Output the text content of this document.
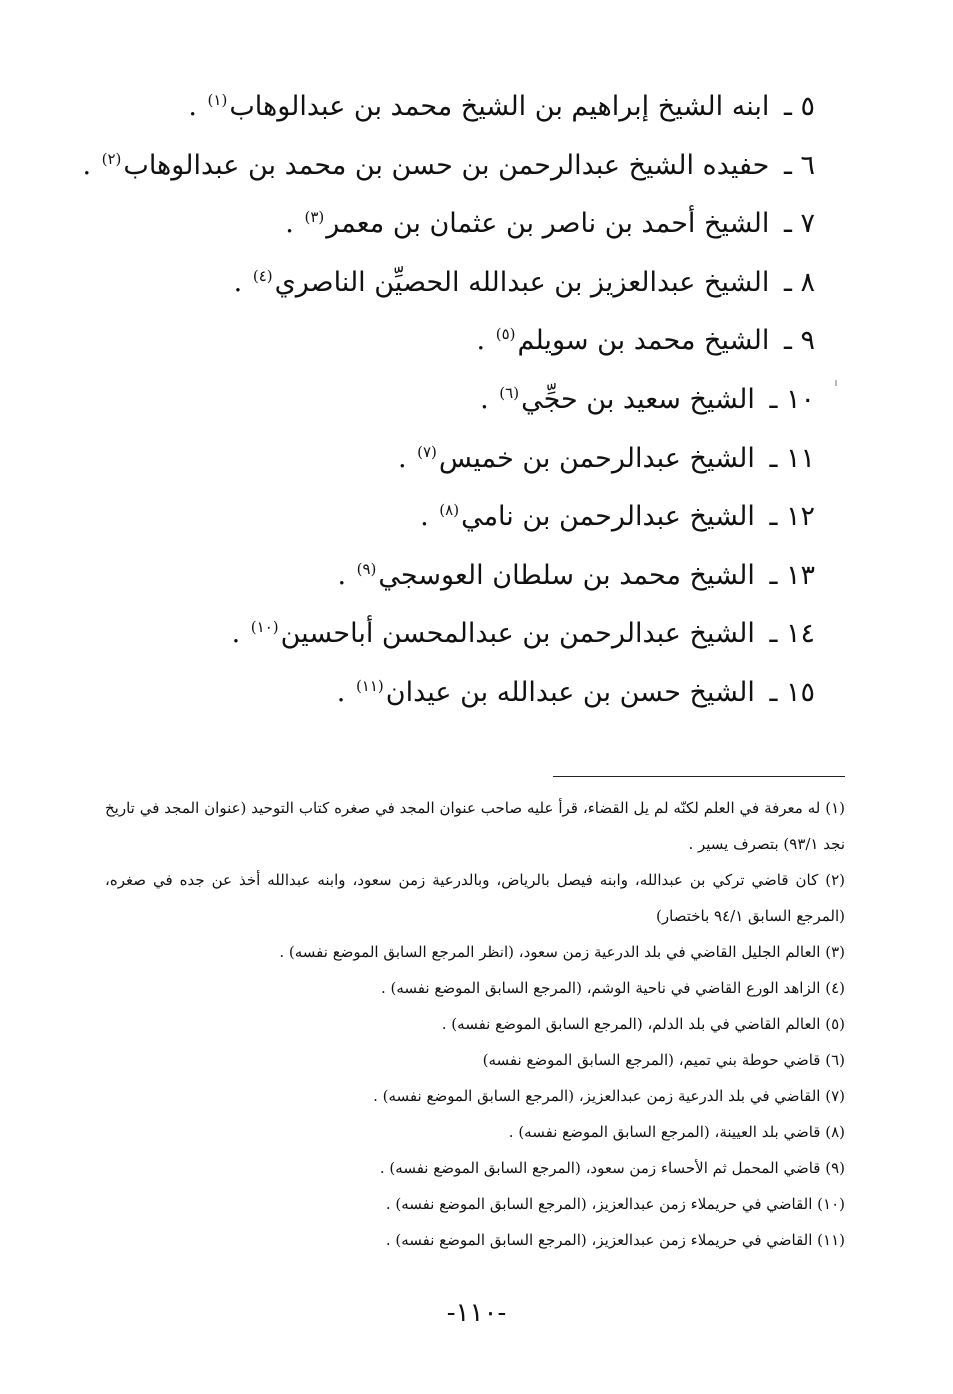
٥ ـ ابنه الشيخ إبراهيم بن الشيخ محمد بن عبدالوهاب$^{(١)}$ .
٦ ـ حفيده الشيخ عبدالرحمن بن حسن بن محمد بن عبدالوهاب$^{(٢)}$ .
٧ ـ الشيخ أحمد بن ناصر بن عثمان بن معمر$^{(٣)}$ .
٨ ـ الشيخ عبدالعزيز بن عبدالله الحصيِّن الناصري$^{(٤)}$ .
٩ ـ الشيخ محمد بن سويلم$^{(٥)}$ .
١٠ ـ الشيخ سعيد بن حجِّي$^{(٦)}$ .
١١ ـ الشيخ عبدالرحمن بن خميس$^{(٧)}$ .
١٢ ـ الشيخ عبدالرحمن بن نامي$^{(٨)}$ .
١٣ ـ الشيخ محمد بن سلطان العوسجي$^{(٩)}$ .
١٤ ـ الشيخ عبدالرحمن بن عبدالمحسن أباحسين$^{(١٠)}$ .
١٥ ـ الشيخ حسن بن عبدالله بن عيدان$^{(١١)}$ .
(١) له معرفة في العلم لكنّه لم يل القضاء، قرأ عليه صاحب عنوان المجد في صغره كتاب التوحيد (عنوان المجد في تاريخ نجد ٩٣/١) بتصرف يسير .
(٢) كان قاضي تركي بن عبدالله، وابنه فيصل بالرياض، وبالدرعية زمن سعود، وابنه عبدالله أخذ عن جده في صغره، (المرجع السابق ٩٤/١ باختصار)
(٣) العالم الجليل القاضي في بلد الدرعية زمن سعود، (انظر المرجع السابق الموضع نفسه) .
(٤) الزاهد الورع القاضي في ناحية الوشم، (المرجع السابق الموضع نفسه) .
(٥) العالم القاضي في بلد الدلم، (المرجع السابق الموضع نفسه) .
(٦) قاضي حوطة بني تميم، (المرجع السابق الموضع نفسه)
(٧) القاضي في بلد الدرعية زمن عبدالعزيز، (المرجع السابق الموضع نفسه) .
(٨) قاضي بلد العيينة، (المرجع السابق الموضع نفسه) .
(٩) قاضي المحمل ثم الأحساء زمن سعود، (المرجع السابق الموضع نفسه) .
(١٠) القاضي في حريملاء زمن عبدالعزيز، (المرجع السابق الموضع نفسه) .
(١١) القاضي في حريملاء زمن عبدالعزيز، (المرجع السابق الموضع نفسه) .
-١١٠-
